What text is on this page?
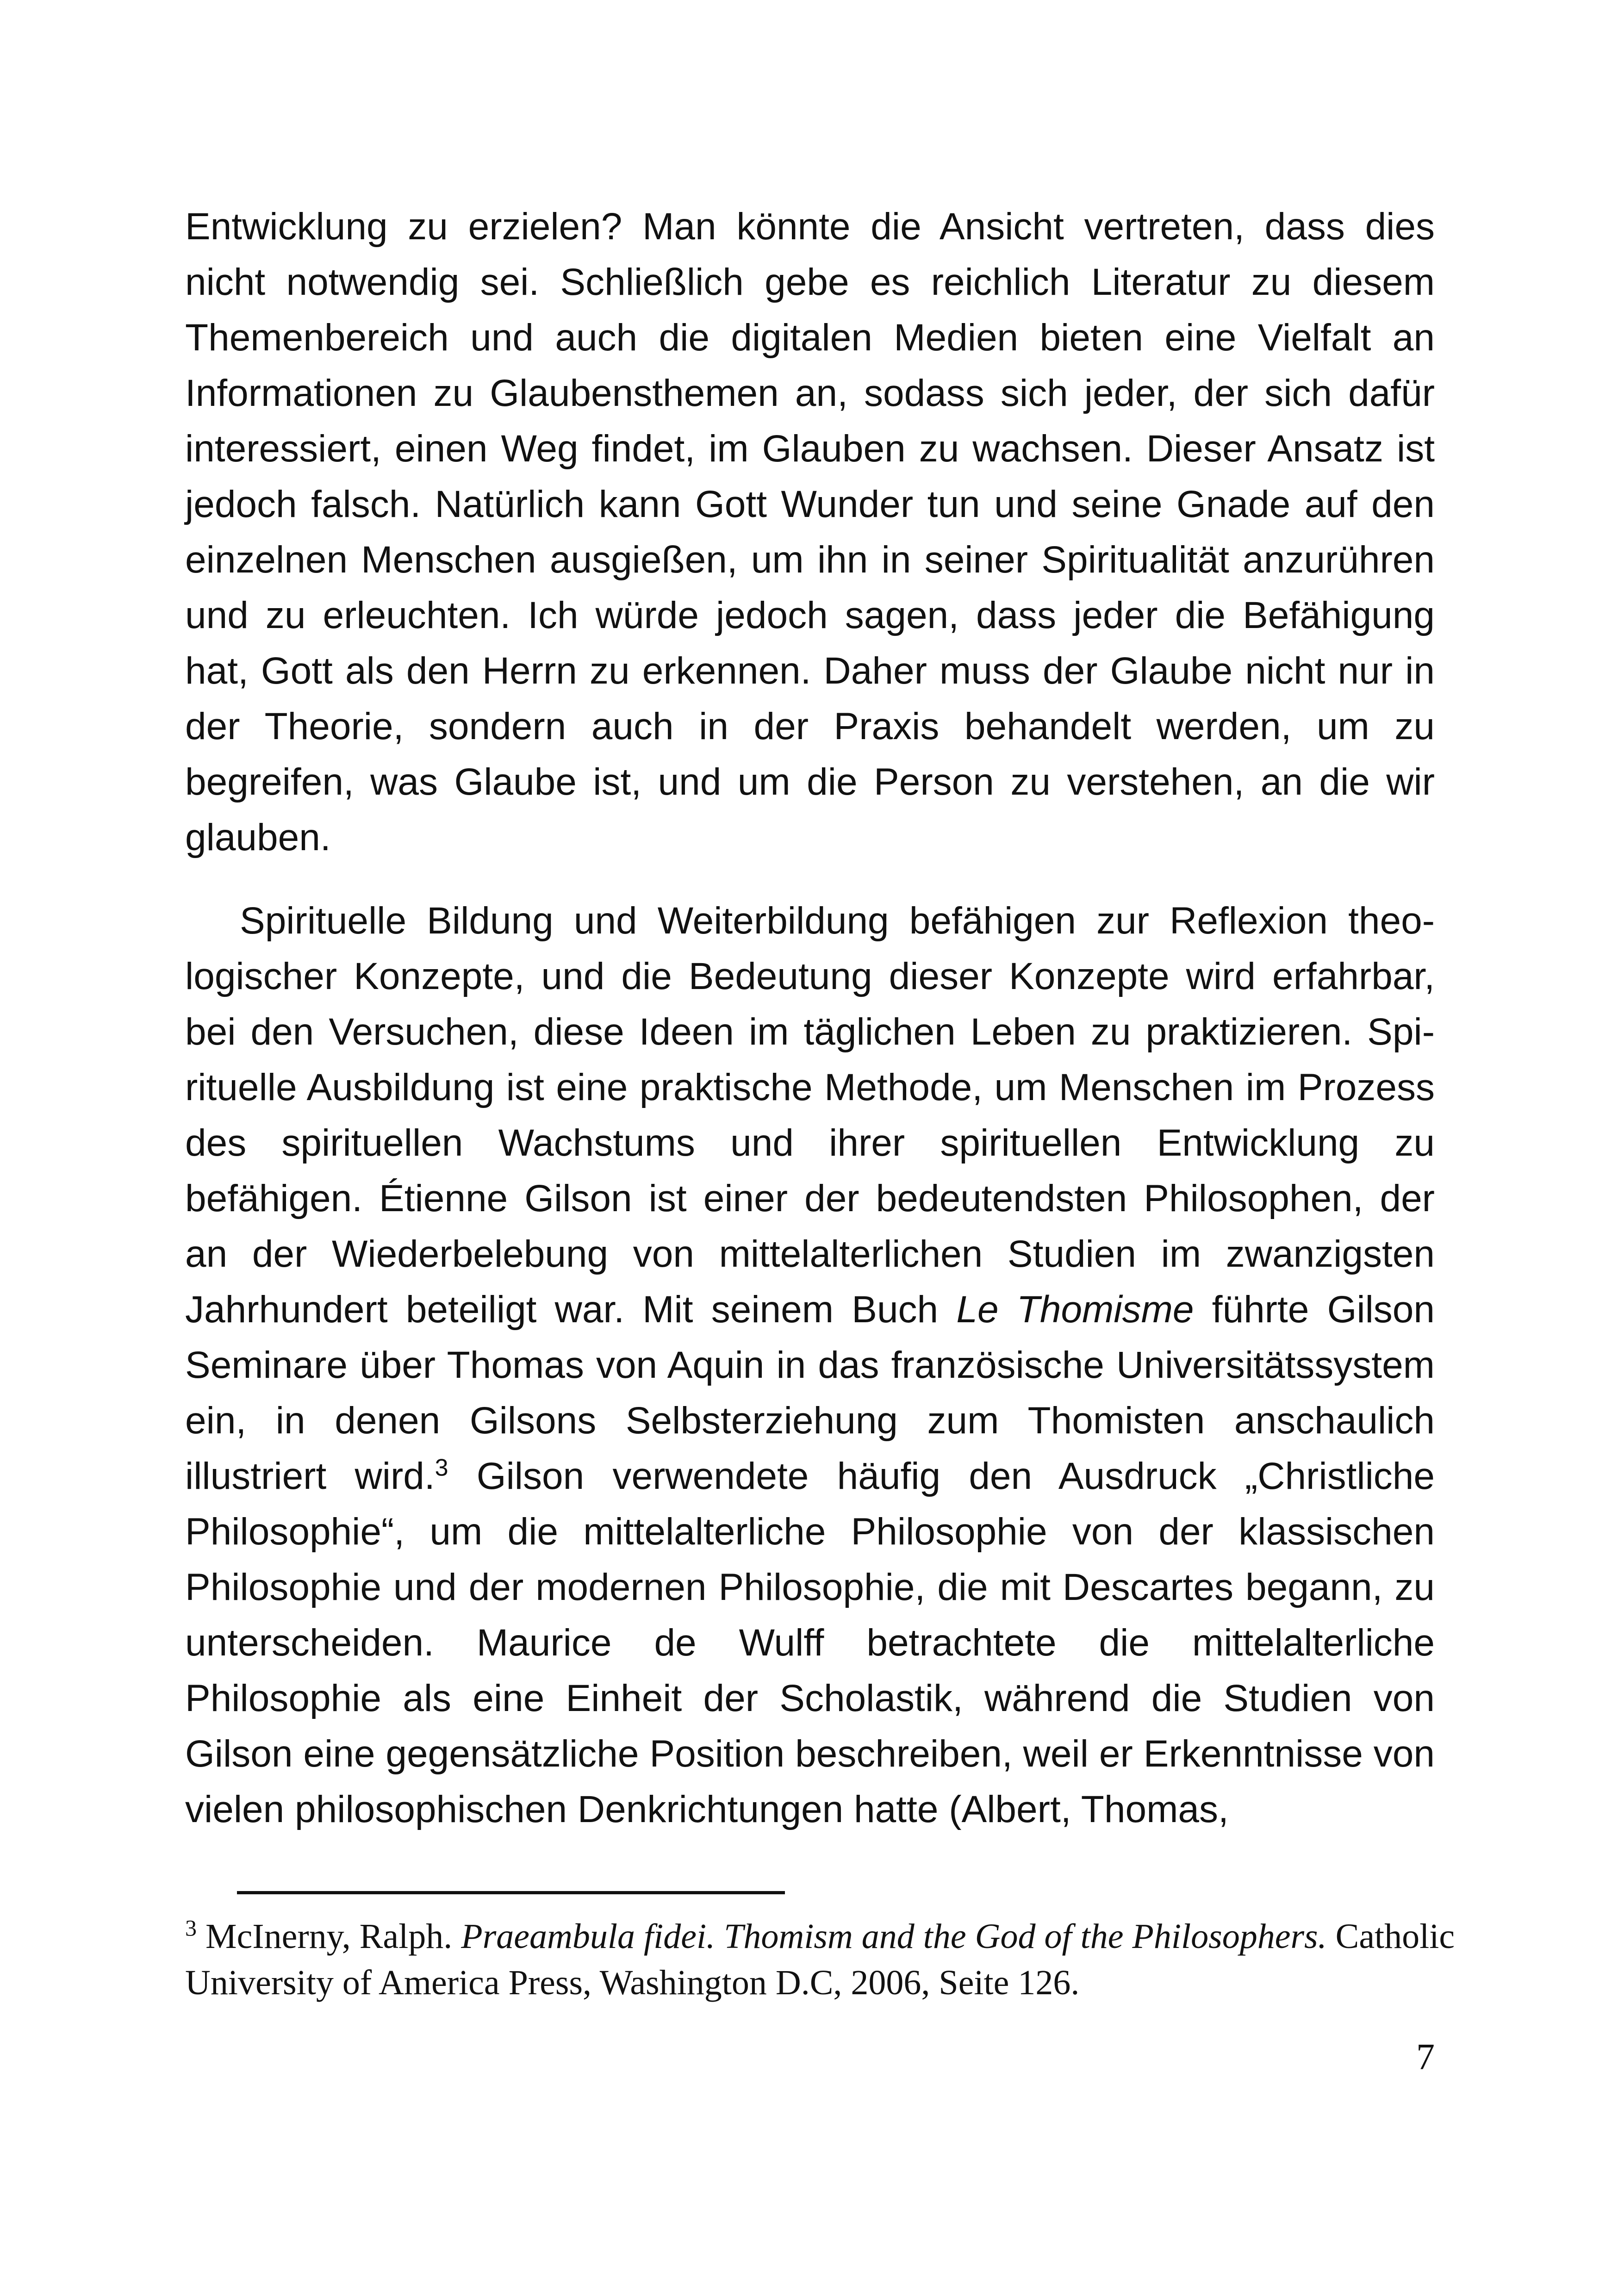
Entwicklung zu erzielen? Man könnte die Ansicht vertreten, dass dies nicht notwendig sei. Schließlich gebe es reichlich Literatur zu diesem Themenbereich und auch die digitalen Medien bieten eine Vielfalt an Informationen zu Glaubensthemen an, sodass sich jeder, der sich dafür interessiert, einen Weg findet, im Glauben zu wachsen. Dieser Ansatz ist jedoch falsch. Natürlich kann Gott Wunder tun und seine Gnade auf den einzelnen Menschen ausgießen, um ihn in seiner Spiritualität anzurühren und zu erleuchten. Ich würde jedoch sagen, dass jeder die Befähigung hat, Gott als den Herrn zu erkennen. Daher muss der Glaube nicht nur in der Theorie, sondern auch in der Praxis behandelt werden, um zu begreifen, was Glaube ist, und um die Person zu verstehen, an die wir glauben.

Spirituelle Bildung und Weiterbildung befähigen zur Reflexion theologischer Konzepte, und die Bedeutung dieser Konzepte wird erfahrbar, bei den Versuchen, diese Ideen im täglichen Leben zu praktizieren. Spirituelle Ausbildung ist eine praktische Methode, um Menschen im Prozess des spirituellen Wachstums und ihrer spirituellen Entwicklung zu befähigen. Étienne Gilson ist einer der bedeutendsten Philosophen, der an der Wiederbelebung von mittelalterlichen Studien im zwanzigsten Jahrhundert beteiligt war. Mit seinem Buch Le Thomisme führte Gilson Seminare über Thomas von Aquin in das französische Universitätssystem ein, in denen Gilsons Selbsterziehung zum Thomisten anschaulich illustriert wird.$^3$ Gilson verwendete häufig den Ausdruck „Christliche Philosophie“, um die mittelalterliche Philosophie von der klassischen Philosophie und der modernen Philosophie, die mit Descartes begann, zu unterscheiden. Maurice de Wulff betrachtete die mittelalterliche Philosophie als eine Einheit der Scholastik, während die Studien von Gilson eine gegensätzliche Position beschreiben, weil er Erkenntnisse von vielen philosophischen Denkrichtungen hatte (Albert, Thomas,

$^3$ McInerny, Ralph. Praeambula fidei. Thomism and the God of the Philosophers. Catholic University of America Press, Washington D.C, 2006, Seite 126.

7
